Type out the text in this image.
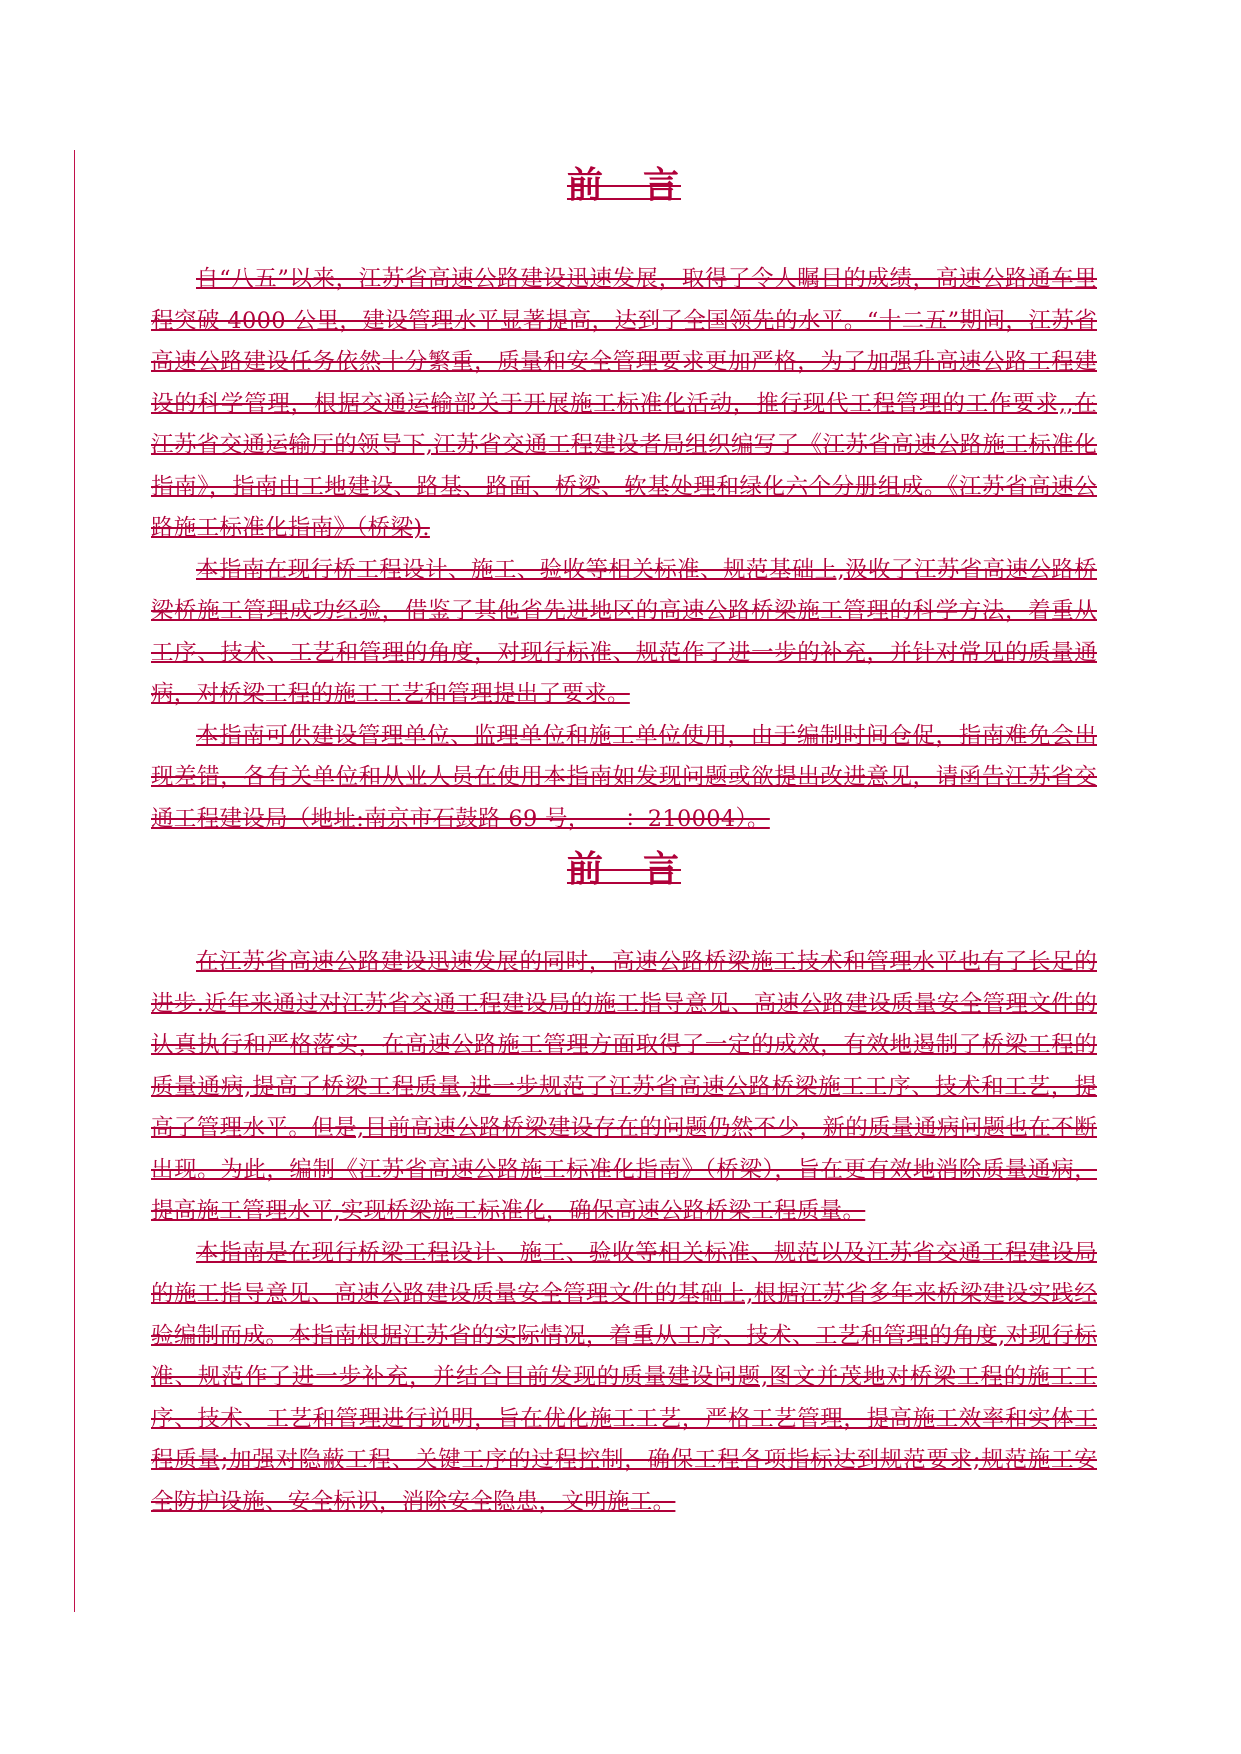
前　言

自“八五”以来，江苏省高速公路建设迅速发展，取得了令人瞩目的成绩，高速公路通车里程突破 4000 公里，建设管理水平显著提高，达到了全国领先的水平。“十二五”期间，江苏省高速公路建设任务依然十分繁重，质量和安全管理要求更加严格，为了加强升高速公路工程建设的科学管理，根据交通运输部关于开展施工标准化活动，推行现代工程管理的工作要求,,在江苏省交通运输厅的领导下,江苏省交通工程建设者局组织编写了《江苏省高速公路施工标准化指南》，指南由工地建设、路基、路面、桥梁、软基处理和绿化六个分册组成。《江苏省高速公路施工标准化指南》（桥梁).

本指南在现行桥工程设计、施工、验收等相关标准、规范基础上,汲收了江苏省高速公路桥梁桥施工管理成功经验，借鉴了其他省先进地区的高速公路桥梁施工管理的科学方法，着重从工序、技术、工艺和管理的角度，对现行标准、规范作了进一步的补充，并针对常见的质量通病，对桥梁工程的施工工艺和管理提出了要求。

本指南可供建设管理单位、监理单位和施工单位使用，由于编制时间仓促，指南难免会出现差错，各有关单位和从业人员在使用本指南如发现问题或欲提出改进意见，请函告江苏省交通工程建设局（地址:南京市石鼓路 69 号，　　：210004）。

前　言

在江苏省高速公路建设迅速发展的同时，高速公路桥梁施工技术和管理水平也有了长足的进步.近年来通过对江苏省交通工程建设局的施工指导意见、高速公路建设质量安全管理文件的认真执行和严格落实，在高速公路施工管理方面取得了一定的成效，有效地遏制了桥梁工程的质量通病,提高了桥梁工程质量,进一步规范了江苏省高速公路桥梁施工工序、技术和工艺，提高了管理水平。但是,目前高速公路桥梁建设存在的问题仍然不少，新的质量通病问题也在不断出现。为此，编制《江苏省高速公路施工标准化指南》（桥梁），旨在更有效地消除质量通病，提高施工管理水平,实现桥梁施工标准化，确保高速公路桥梁工程质量。

本指南是在现行桥梁工程设计、施工、验收等相关标准、规范以及江苏省交通工程建设局的施工指导意见、高速公路建设质量安全管理文件的基础上,根据江苏省多年来桥梁建设实践经验编制而成。本指南根据江苏省的实际情况，着重从工序、技术、工艺和管理的角度,对现行标准、规范作了进一步补充，并结合目前发现的质量建设问题,图文并茂地对桥梁工程的施工工序、技术、工艺和管理进行说明，旨在优化施工工艺，严格工艺管理，提高施工效率和实体工程质量;加强对隐蔽工程、关键工序的过程控制，确保工程各项指标达到规范要求;规范施工安全防护设施、安全标识，消除安全隐患，文明施工。
